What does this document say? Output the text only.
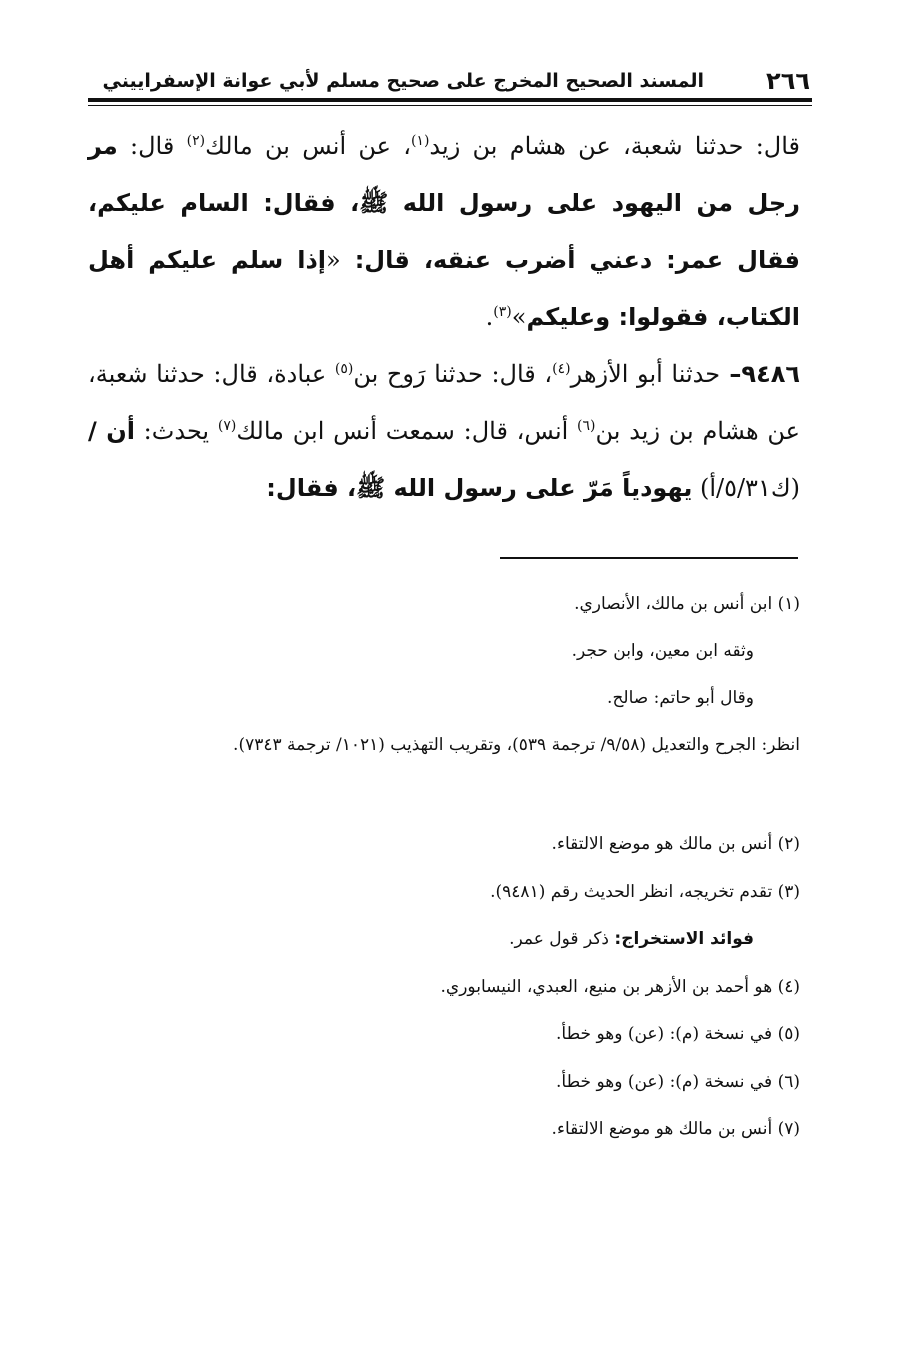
٢٦٦
المسند الصحيح المخرج على صحيح مسلم لأبي عوانة الإسفراييني

قال: حدثنا شعبة، عن هشام بن زيد$^{(١)}$، عن أنس بن مالك$^{(٢)}$ قال: مر رجل من اليهود على رسول الله ﷺ، فقال: السام عليكم، فقال عمر: دعني أضرب عنقه، قال: «إذا سلم عليكم أهل الكتاب، فقولوا: وعليكم»$^{(٣)}$.

٩٤٨٦– حدثنا أبو الأزهر$^{(٤)}$، قال: حدثنا رَوح بن$^{(٥)}$ عبادة، قال: حدثنا شعبة، عن هشام بن زيد بن$^{(٦)}$ أنس، قال: سمعت أنس ابن مالك$^{(٧)}$ يحدث: أن / (ك٥/٣١/أ) يهودياً مَرّ على رسول الله ﷺ، فقال:

(١) ابن أنس بن مالك، الأنصاري.
وثقه ابن معين، وابن حجر.
وقال أبو حاتم: صالح.
انظر: الجرح والتعديل (٩/٥٨/ ترجمة ٥٣٩)، وتقريب التهذيب (١٠٢١/ ترجمة ٧٣٤٣).
(٢) أنس بن مالك هو موضع الالتقاء.
(٣) تقدم تخريجه، انظر الحديث رقم (٩٤٨١).
فوائد الاستخراج: ذكر قول عمر.
(٤) هو أحمد بن الأزهر بن منيع، العبدي، النيسابوري.
(٥) في نسخة (م): (عن) وهو خطأ.
(٦) في نسخة (م): (عن) وهو خطأ.
(٧) أنس بن مالك هو موضع الالتقاء.
